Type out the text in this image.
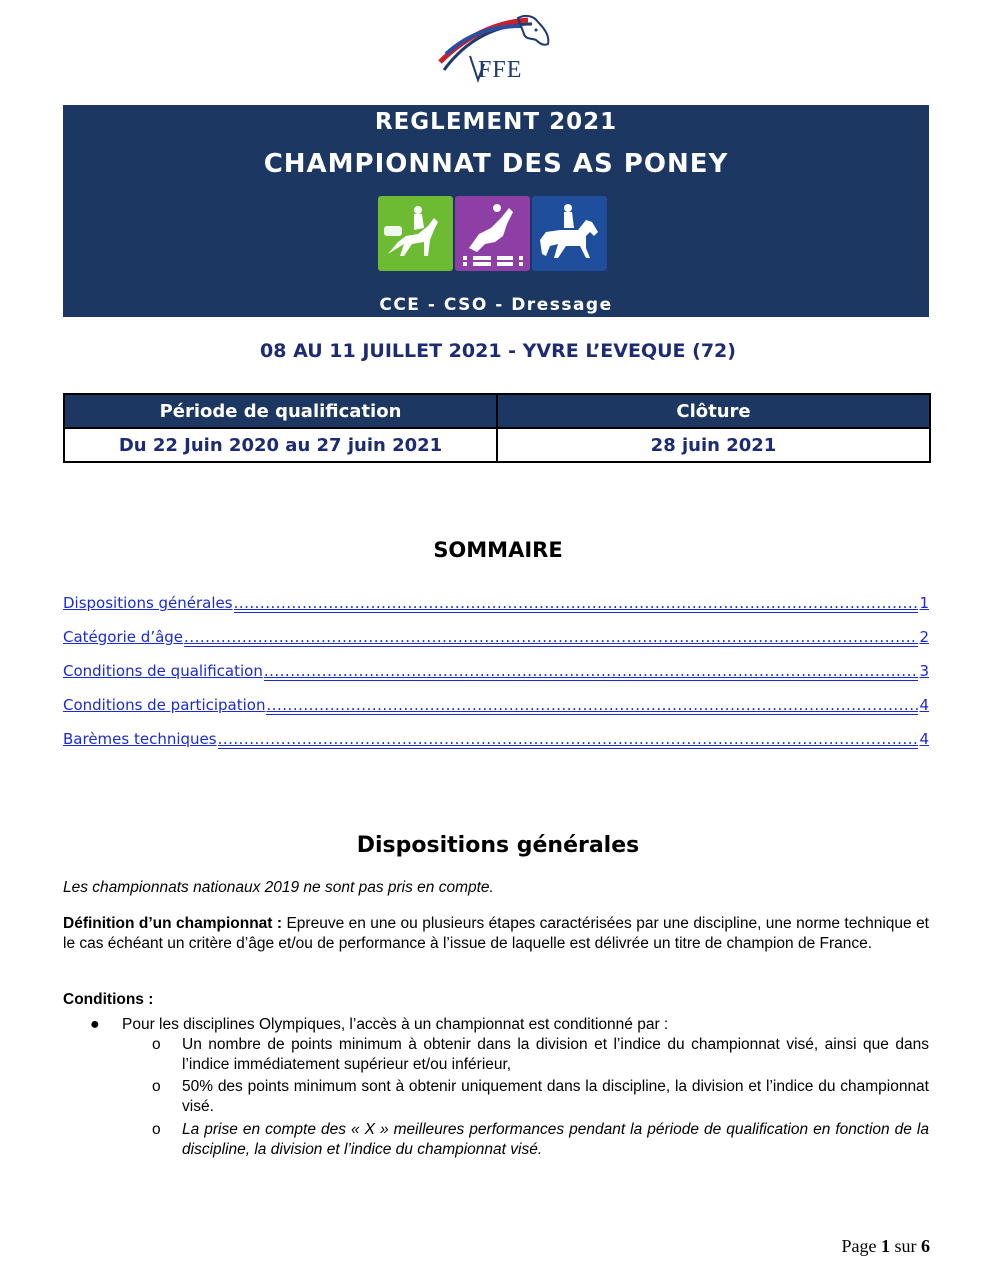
FFE
REGLEMENT 2021
CHAMPIONNAT DES AS PONEY
CCE - CSO - Dressage
08 AU 11 JUILLET 2021 - YVRE L’EVEQUE (72)
Période de qualification	Clôture
Du 22 Juin 2020 au 27 juin 2021	28 juin 2021
SOMMAIRE
Dispositions générales .....	1
Catégorie d’âge .....	2
Conditions de qualification .....	3
Conditions de participation .....	4
Barèmes techniques .....	4
Dispositions générales
Les championnats nationaux 2019 ne sont pas pris en compte.
Définition d’un championnat : Epreuve en une ou plusieurs étapes caractérisées par une discipline, une norme technique et le cas échéant un critère d’âge et/ou de performance à l’issue de laquelle est délivrée un titre de champion de France.
Conditions :
● Pour les disciplines Olympiques, l’accès à un championnat est conditionné par :
o Un nombre de points minimum à obtenir dans la division et l’indice du championnat visé, ainsi que dans l’indice immédiatement supérieur et/ou inférieur,
o 50% des points minimum sont à obtenir uniquement dans la discipline, la division et l’indice du championnat visé.
o La prise en compte des « X » meilleures performances pendant la période de qualification en fonction de la discipline, la division et l’indice du championnat visé.
Page 1 sur 6
